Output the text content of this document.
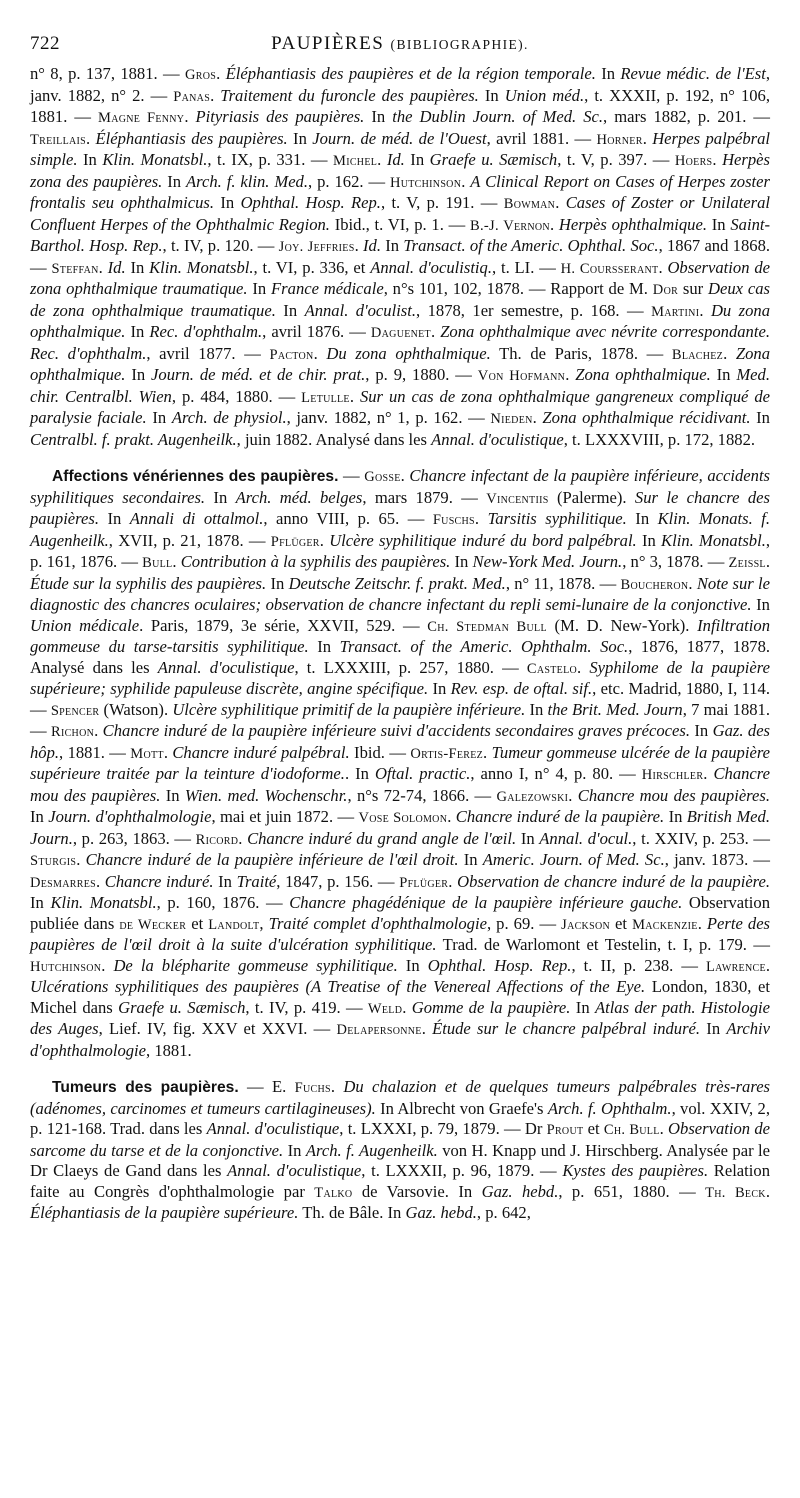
722	PAUPIÈRES (BIBLIOGRAPHIE).

n° 8, p. 137, 1881. — Gros. Éléphantiasis des paupières et de la région temporale. In Revue médic. de l'Est, janv. 1882, n° 2. — Panas. Traitement du furoncle des paupières. In Union méd., t. XXXII, p. 192, n° 106, 1881. — Magne Fenny. Pityriasis des paupières. In the Dublin Journ. of Med. Sc., mars 1882, p. 201. — Treillais. Éléphantiasis des paupières. In Journ. de méd. de l'Ouest, avril 1881. — Horner. Herpes palpébral simple. In Klin. Monatsbl., t. IX, p. 331. — Michel. Id. In Graefe u. Sæmisch, t. V, p. 397. — Hoers. Herpès zona des paupières. In Arch. f. klin. Med., p. 162. — Hutchinson. A Clinical Report on Cases of Herpes zoster frontalis seu ophthalmicus. In Ophthal. Hosp. Rep., t. V, p. 191. — Bowman. Cases of Zoster or Unilateral Confluent Herpes of the Ophthalmic Region. Ibid., t. VI, p. 1. — B.-J. Vernon. Herpès ophthalmique. In Saint-Barthol. Hosp. Rep., t. IV, p. 120. — Joy. Jeffries. Id. In Transact. of the Americ. Ophthal. Soc., 1867 and 1868. — Steffan. Id. In Klin. Monatsbl., t. VI, p. 336, et Annal. d'oculistiq., t. LI. — H. Coursserant. Observation de zona ophthalmique traumatique. In France médicale, n°s 101, 102, 1878. — Rapport de M. Dor sur Deux cas de zona ophthalmique traumatique. In Annal. d'oculist., 1878, 1er semestre, p. 168. — Martini. Du zona ophthalmique. In Rec. d'ophthalm., avril 1876. — Daguenet. Zona ophthalmique avec névrite correspondante. Rec. d'ophthalm., avril 1877. — Pacton. Du zona ophthalmique. Th. de Paris, 1878. — Blachez. Zona ophthalmique. In Journ. de méd. et de chir. prat., p. 9, 1880. — Von Hofmann. Zona ophthalmique. In Med. chir. Centralbl. Wien, p. 484, 1880. — Letulle. Sur un cas de zona ophthalmique gangreneux compliqué de paralysie faciale. In Arch. de physiol., janv. 1882, n° 1, p. 162. — Nieden. Zona ophthalmique récidivant. In Centralbl. f. prakt. Augenheilk., juin 1882. Analysé dans les Annal. d'oculistique, t. LXXXVIII, p. 172, 1882.

Affections vénériennes des paupières. — Gosse. Chancre infectant de la paupière inférieure, accidents syphilitiques secondaires. In Arch. méd. belges, mars 1879. — Vincentiis (Palerme). Sur le chancre des paupières. In Annali di ottalmol., anno VIII, p. 65. — Fuschs. Tarsitis syphilitique. In Klin. Monats. f. Augenheilk., XVII, p. 21, 1878. — Pflüger. Ulcère syphilitique induré du bord palpébral. In Klin. Monatsbl., p. 161, 1876. — Bull. Contribution à la syphilis des paupières. In New-York Med. Journ., n° 3, 1878. — Zeissl. Étude sur la syphilis des paupières. In Deutsche Zeitschr. f. prakt. Med., n° 11, 1878. — Boucheron. Note sur le diagnostic des chancres oculaires; observation de chancre infectant du repli semi-lunaire de la conjonctive. In Union médicale. Paris, 1879, 3e série, XXVII, 529. — Ch. Stedman Bull (M. D. New-York). Infiltration gommeuse du tarse-tarsitis syphilitique. In Transact. of the Americ. Ophthalm. Soc., 1876, 1877, 1878. Analysé dans les Annal. d'oculistique, t. LXXXIII, p. 257, 1880. — Castelo. Syphilome de la paupière supérieure; syphilide papuleuse discrète, angine spécifique. In Rev. esp. de oftal. sif., etc. Madrid, 1880, I, 114. — Spencer (Watson). Ulcère syphilitique primitif de la paupière inférieure. In the Brit. Med. Journ, 7 mai 1881. — Richon. Chancre induré de la paupière inférieure suivi d'accidents secondaires graves précoces. In Gaz. des hôp., 1881. — Mott. Chancre induré palpébral. Ibid. — Ortis-Ferez. Tumeur gommeuse ulcérée de la paupière supérieure traitée par la teinture d'iodoforme.. In Oftal. practic., anno I, n° 4, p. 80. — Hirschler. Chancre mou des paupières. In Wien. med. Wochenschr., n°s 72-74, 1866. — Galezowski. Chancre mou des paupières. In Journ. d'ophthalmologie, mai et juin 1872. — Vose Solomon. Chancre induré de la paupière. In British Med. Journ., p. 263, 1863. — Ricord. Chancre induré du grand angle de l'œil. In Annal. d'ocul., t. XXIV, p. 253. — Sturgis. Chancre induré de la paupière inférieure de l'œil droit. In Americ. Journ. of Med. Sc., janv. 1873. — Desmarres. Chancre induré. In Traité, 1847, p. 156. — Pflüger. Observation de chancre induré de la paupière. In Klin. Monatsbl., p. 160, 1876. — Chancre phagédénique de la paupière inférieure gauche. Observation publiée dans de Wecker et Landolt, Traité complet d'ophthalmologie, p. 69. — Jackson et Mackenzie. Perte des paupières de l'œil droit à la suite d'ulcération syphilitique. Trad. de Warlomont et Testelin, t. I, p. 179. — Hutchinson. De la blépharite gommeuse syphilitique. In Ophthal. Hosp. Rep., t. II, p. 238. — Lawrence. Ulcérations syphilitiques des paupières (A Treatise of the Venereal Affections of the Eye. London, 1830, et Michel dans Graefe u. Sæmisch, t. IV, p. 419. — Weld. Gomme de la paupière. In Atlas der path. Histologie des Auges, Lief. IV, fig. XXV et XXVI. — Delapersonne. Étude sur le chancre palpébral induré. In Archiv d'ophthalmologie, 1881.

Tumeurs des paupières. — E. Fuchs. Du chalazion et de quelques tumeurs palpébrales très-rares (adénomes, carcinomes et tumeurs cartilagineuses). In Albrecht von Graefe's Arch. f. Ophthalm., vol. XXIV, 2, p. 121-168. Trad. dans les Annal. d'oculistique, t. LXXXI, p. 79, 1879. — Dr Prout et Ch. Bull. Observation de sarcome du tarse et de la conjonctive. In Arch. f. Augenheilk. von H. Knapp und J. Hirschberg. Analysée par le Dr Claeys de Gand dans les Annal. d'oculistique, t. LXXXII, p. 96, 1879. — Kystes des paupières. Relation faite au Congrès d'ophthalmologie par Talko de Varsovie. In Gaz. hebd., p. 651, 1880. — Th. Beck. Éléphantiasis de la paupière supérieure. Th. de Bâle. In Gaz. hebd., p. 642,
